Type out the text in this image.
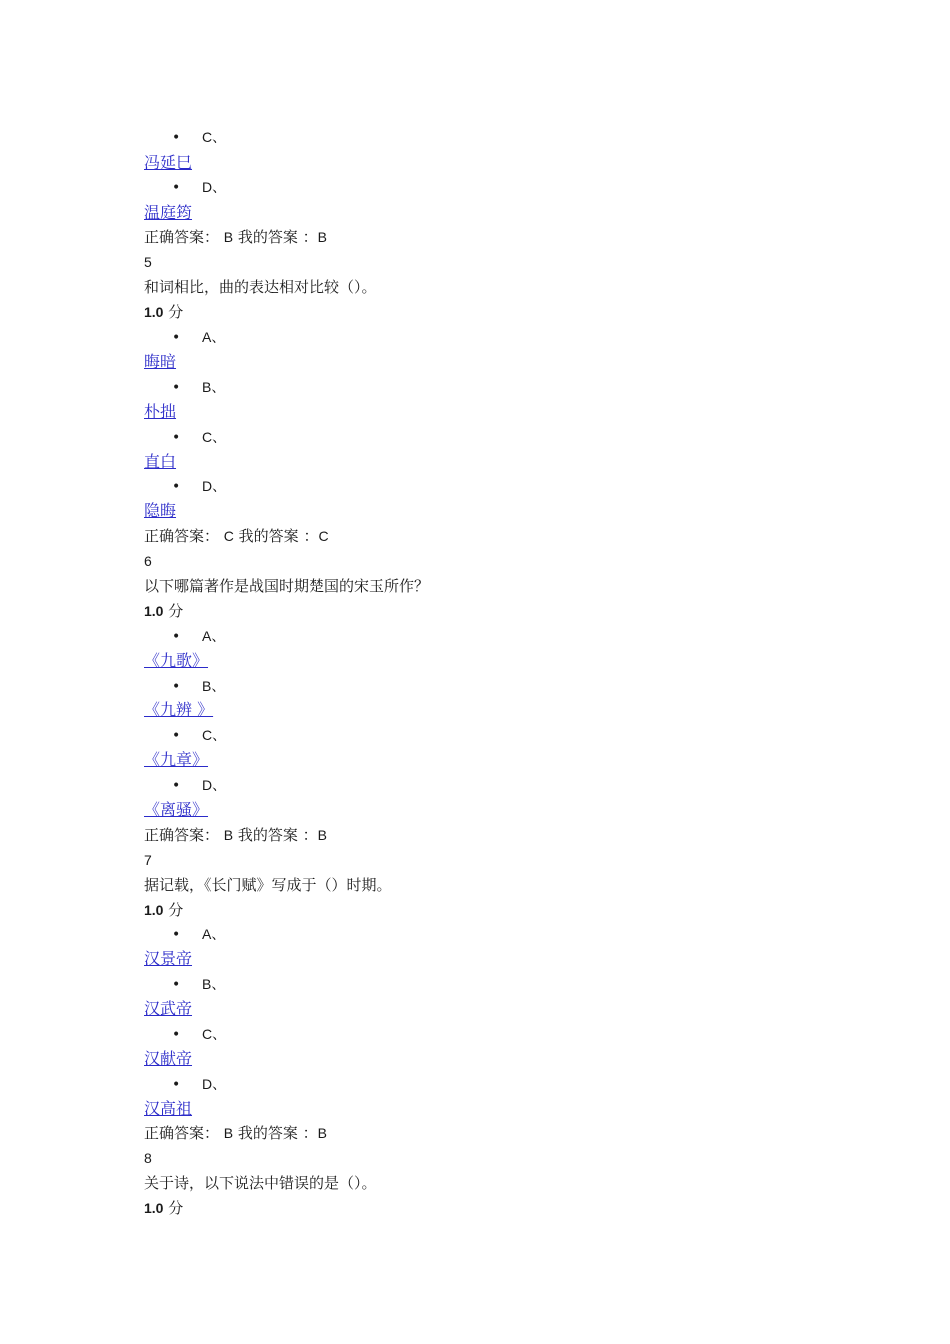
• C、
冯延巳
• D、
温庭筠
正确答案： B 我的答案 ：B
5
和词相比，曲的表达相对比较（）。
1.0 分
• A、
晦暗
• B、
朴拙
• C、
直白
• D、
隐晦
正确答案： C 我的答案 ：C
6
以下哪篇著作是战国时期楚国的宋玉所作？
1.0 分
• A、
《九歌》
• B、
《九辨 》
• C、
《九章》
• D、
《离骚》
正确答案： B 我的答案 ：B
7
据记载，《长门赋》写成于（）时期。
1.0 分
• A、
汉景帝
• B、
汉武帝
• C、
汉献帝
• D、
汉高祖
正确答案： B 我的答案 ：B
8
关于诗，以下说法中错误的是（）。
1.0 分
